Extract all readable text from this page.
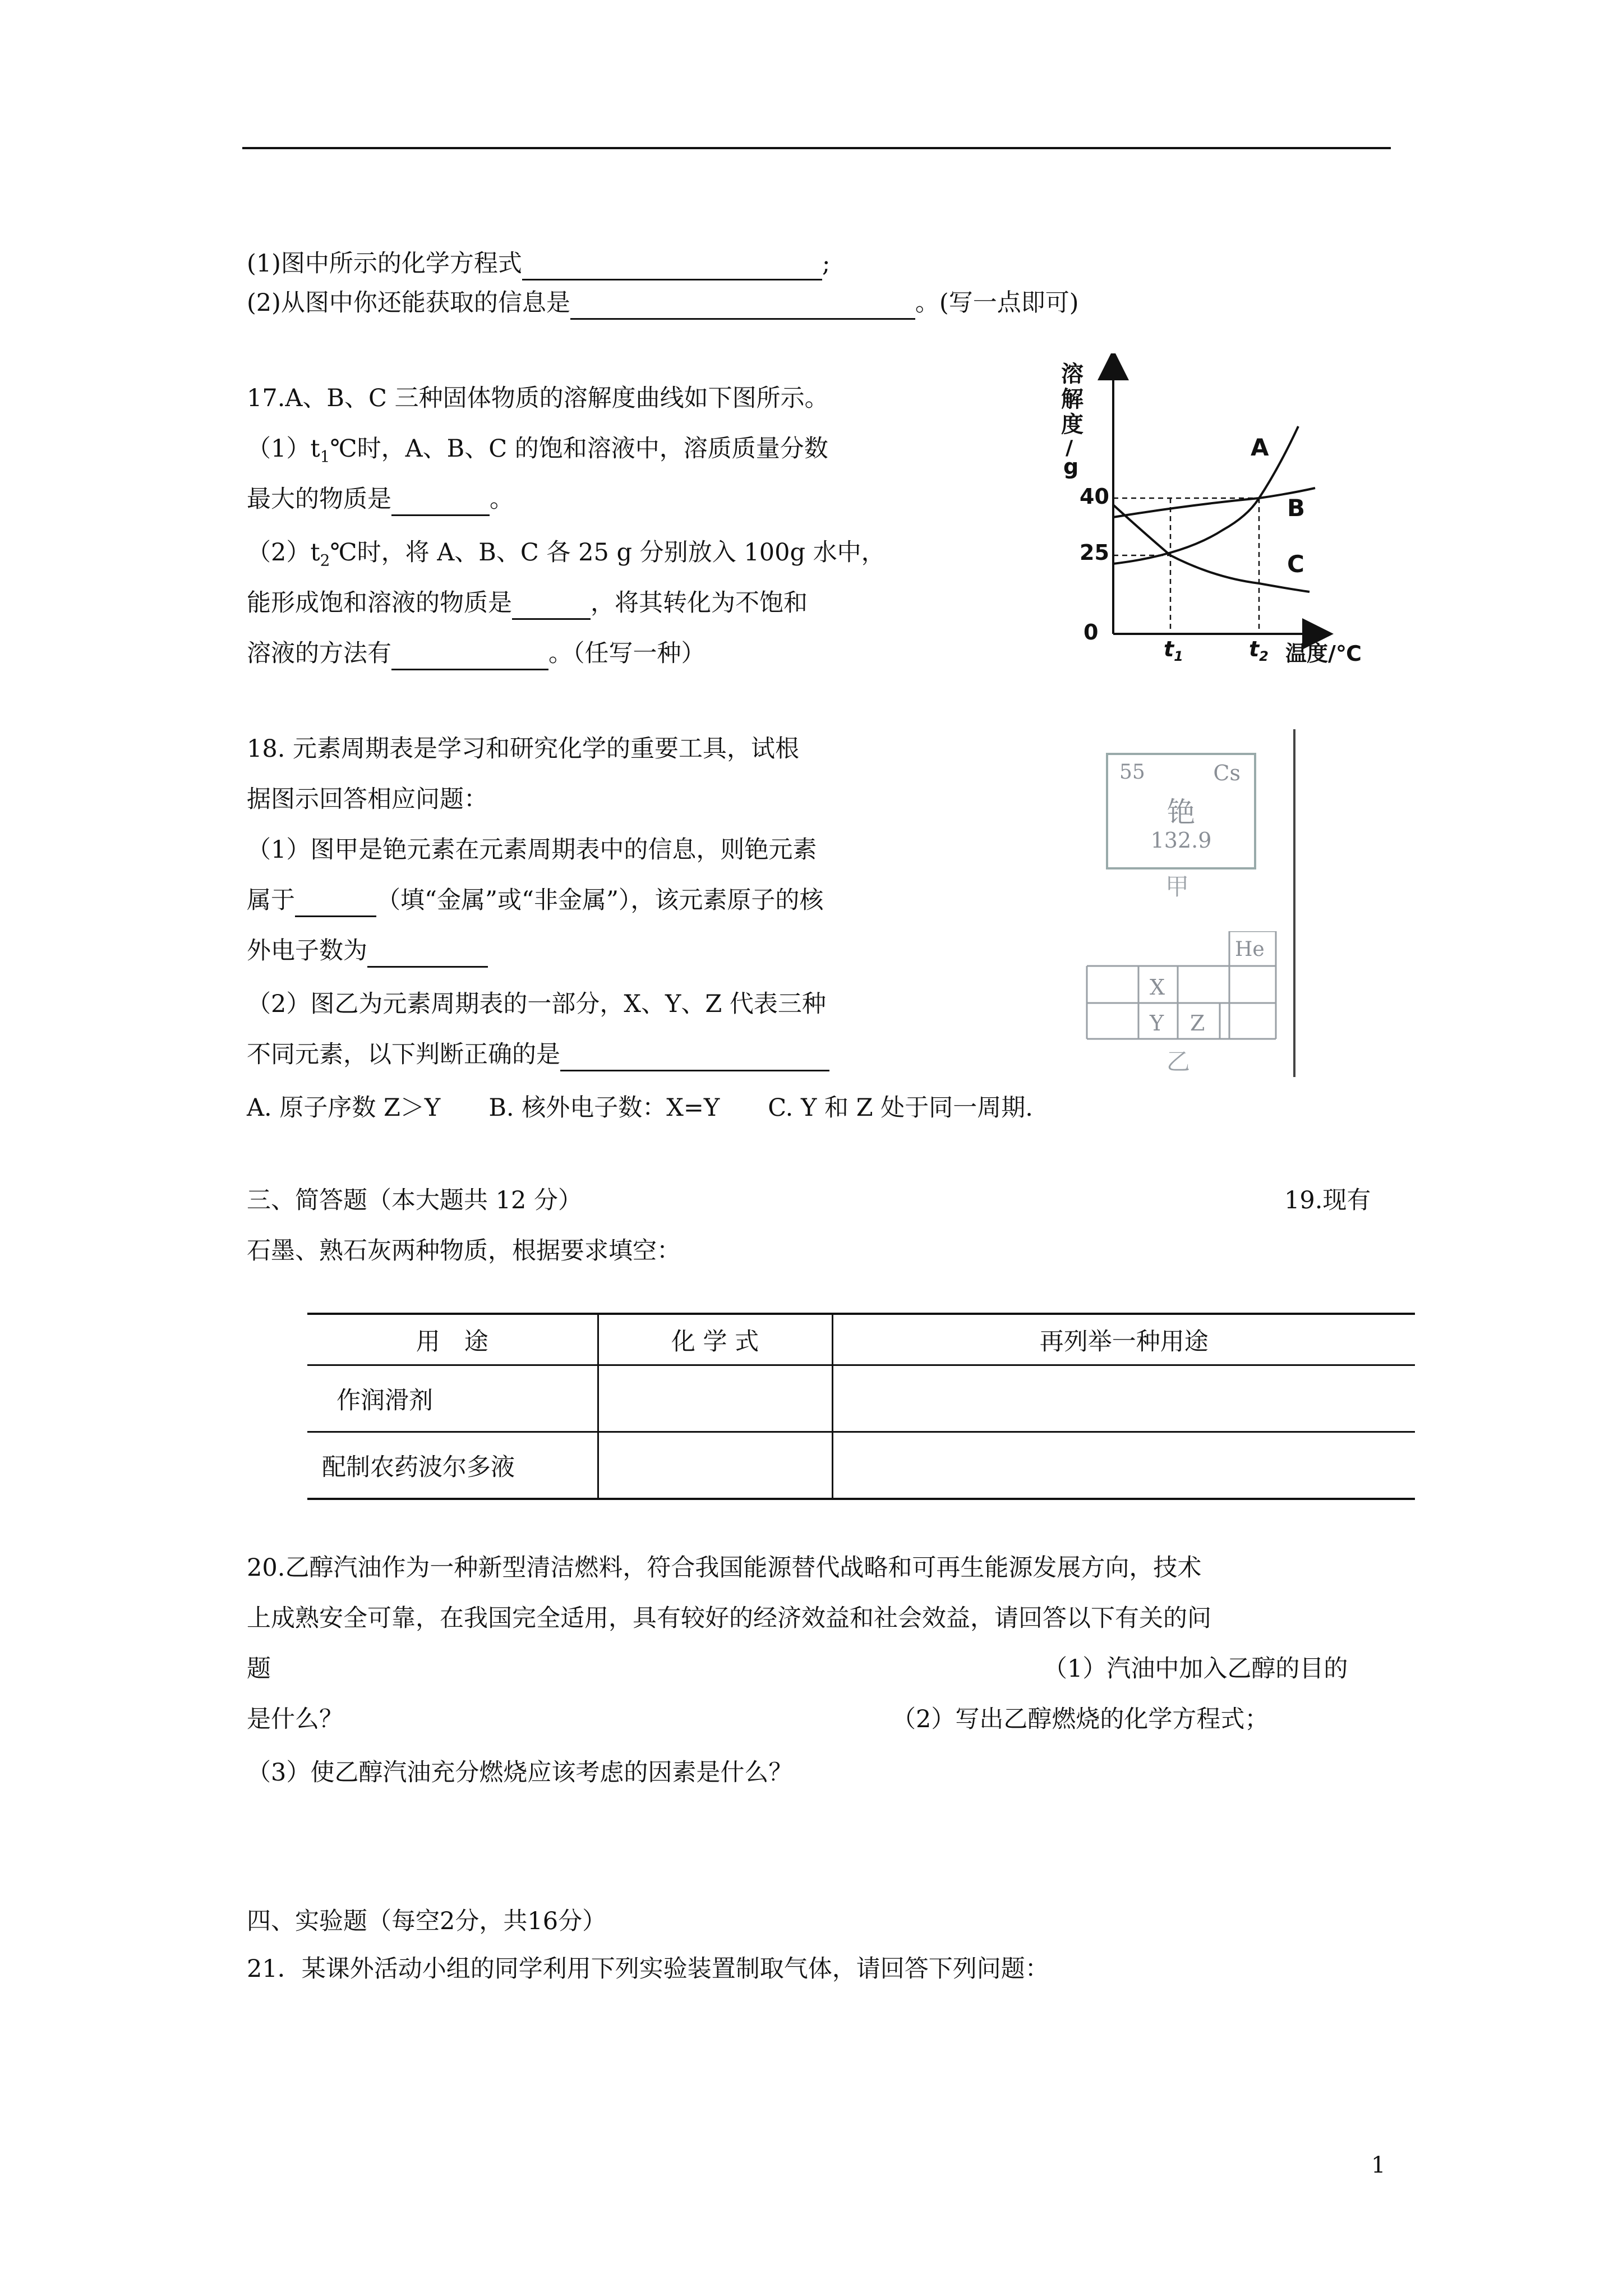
(1)图中所示的化学方程式	;
(2)从图中你还能获取的信息是	。(写一点即可)
17.A、B、C 三种固体物质的溶解度曲线如下图所示。
$(1)t_1℃$时，A、B、C 的饱和溶液中，溶质质量分数
最大的物质是	。
$(2)t_2℃$时，将 A、B、C 各 25 g 分别放入 100g 水中，
能形成饱和溶液的物质是	，将其转化为不饱和
溶液的方法有	。（任写一种）
溶
解
度
/
g
40
25
0
$t_1$	$t_2$ 温度/℃
A
B
C
18. 元素周期表是学习和研究化学的重要工具，试根
据图示回答相应问题：
（1）图甲是铯元素在元素周期表中的信息，则铯元素
属于	（填“金属”或“非金属”），该元素原子的核
外电子数为
（2）图乙为元素周期表的一部分，X、Y、Z 代表三种
不同元素，以下判断正确的是
A. 原子序数 Z＞Y　　B. 核外电子数：X=Y　　C. Y 和 Z 处于同一周期.
55	Cs
铯
132.9
甲
He
X
Y Z
乙
三、简答题（本大题共 12 分）	19.现有
石墨、熟石灰两种物质，根据要求填空：
用　途	化 学 式	再列举一种用途
作润滑剂		
配制农药波尔多液		
20.乙醇汽油作为一种新型清洁燃料，符合我国能源替代战略和可再生能源发展方向，技术
上成熟安全可靠，在我国完全适用，具有较好的经济效益和社会效益，请回答以下有关的问
题	（1）汽油中加入乙醇的目的
是什么？	（2）写出乙醇燃烧的化学方程式；
（3）使乙醇汽油充分燃烧应该考虑的因素是什么？
四、实验题（每空2分，共16分）
21．某课外活动小组的同学利用下列实验装置制取气体，请回答下列问题：
1
